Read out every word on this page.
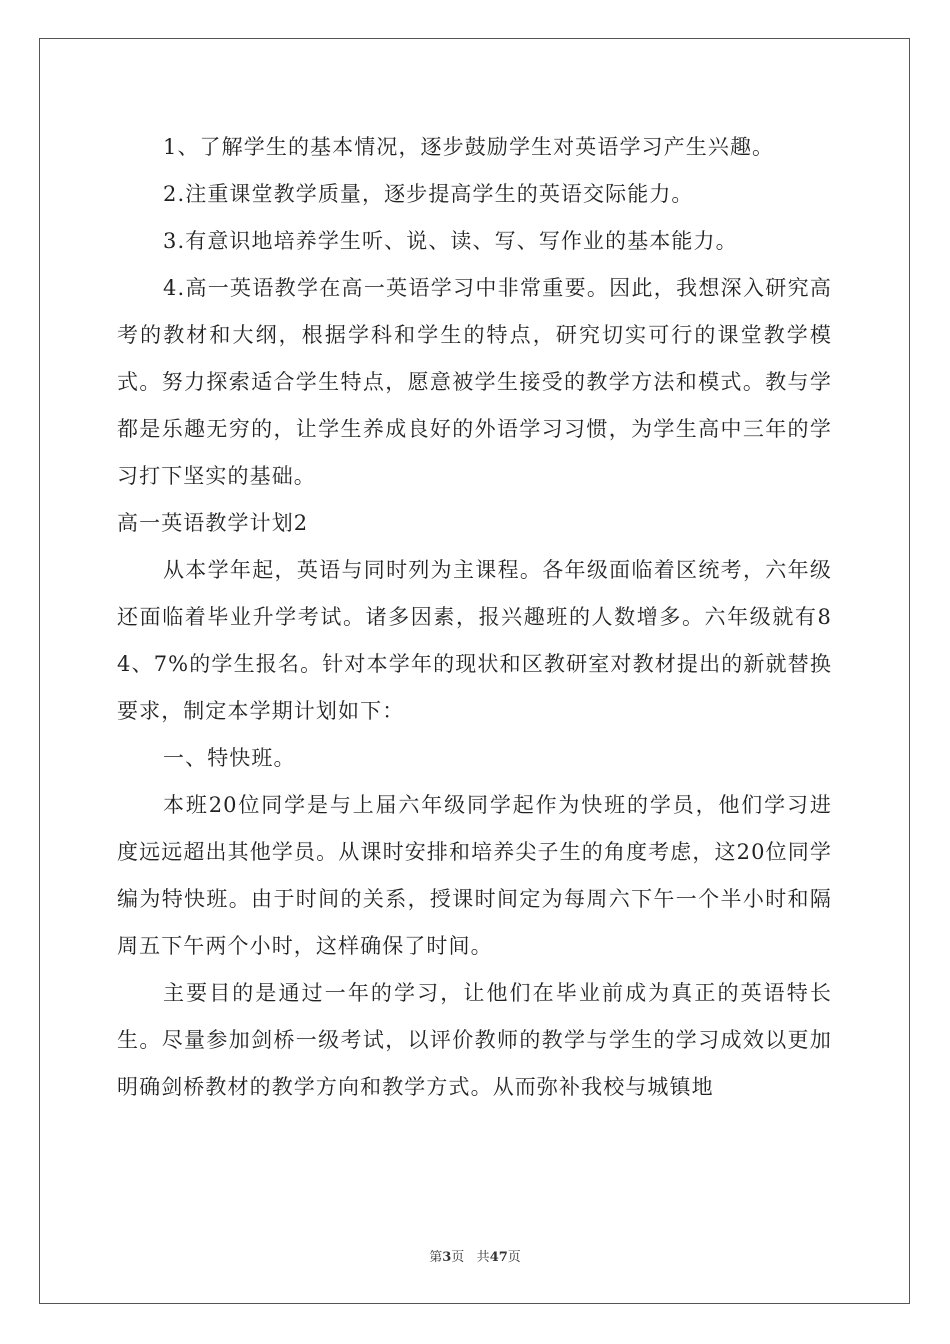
1、了解学生的基本情况，逐步鼓励学生对英语学习产生兴趣。

2.注重课堂教学质量，逐步提高学生的英语交际能力。

3.有意识地培养学生听、说、读、写、写作业的基本能力。

4.高一英语教学在高一英语学习中非常重要。因此，我想深入研究高考的教材和大纲，根据学科和学生的特点，研究切实可行的课堂教学模式。努力探索适合学生特点，愿意被学生接受的教学方法和模式。教与学都是乐趣无穷的，让学生养成良好的外语学习习惯，为学生高中三年的学习打下坚实的基础。

高一英语教学计划2

从本学年起，英语与同时列为主课程。各年级面临着区统考，六年级还面临着毕业升学考试。诸多因素，报兴趣班的人数增多。六年级就有84、7%的学生报名。针对本学年的现状和区教研室对教材提出的新就替换要求，制定本学期计划如下：

一、特快班。

本班20位同学是与上届六年级同学起作为快班的学员，他们学习进度远远超出其他学员。从课时安排和培养尖子生的角度考虑，这20位同学编为特快班。由于时间的关系，授课时间定为每周六下午一个半小时和隔周五下午两个小时，这样确保了时间。

主要目的是通过一年的学习，让他们在毕业前成为真正的英语特长生。尽量参加剑桥一级考试，以评价教师的教学与学生的学习成效以更加明确剑桥教材的教学方向和教学方式。从而弥补我校与城镇地

第3页 共47页
